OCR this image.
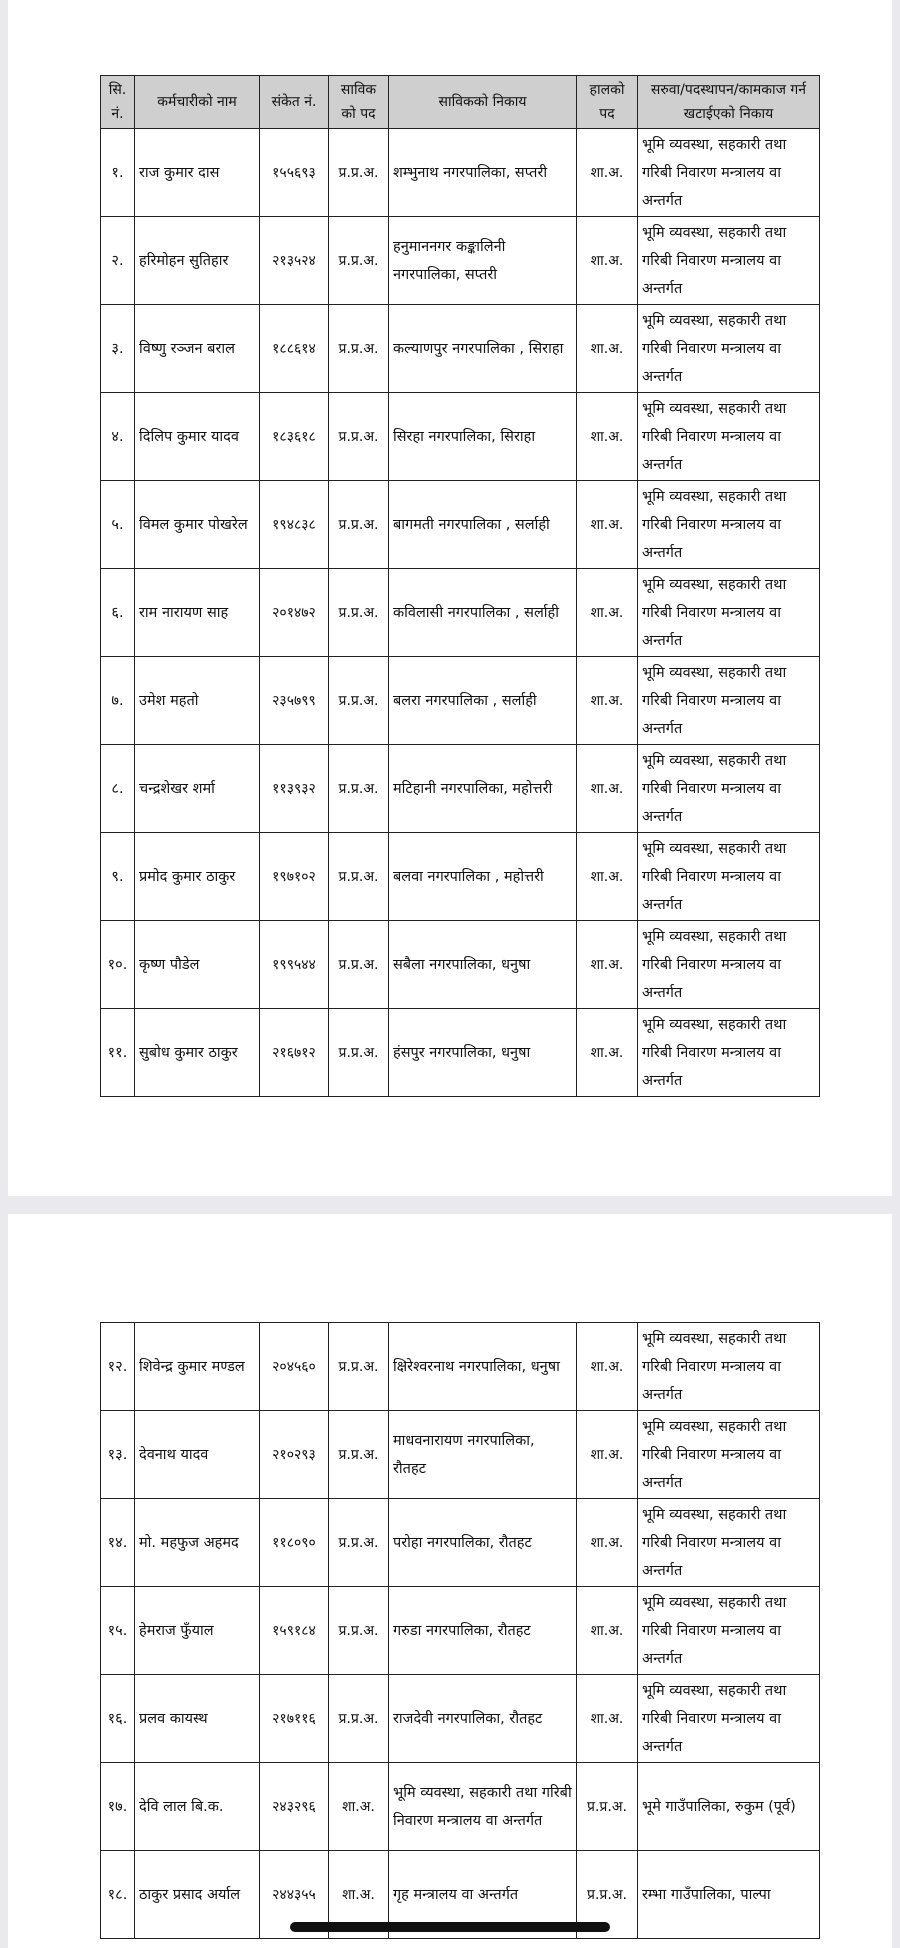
सि. नं.	कर्मचारीको नाम	संकेत नं.	साविक को पद	साविकको निकाय	हालको पद	सरुवा/पदस्थापन/कामकाज गर्न खटाईएको निकाय
१.	राज कुमार दास	१५५६९३	प्र.प्र.अ.	शम्भुनाथ नगरपालिका, सप्तरी	शा.अ.	भूमि व्यवस्था, सहकारी तथा गरिबी निवारण मन्त्रालय वा अन्तर्गत
२.	हरिमोहन सुतिहार	२१३५२४	प्र.प्र.अ.	हनुमाननगर कङ्कालिनी नगरपालिका, सप्तरी	शा.अ.	भूमि व्यवस्था, सहकारी तथा गरिबी निवारण मन्त्रालय वा अन्तर्गत
३.	विष्णु रञ्जन बराल	१८८६१४	प्र.प्र.अ.	कल्याणपुर नगरपालिका , सिराहा	शा.अ.	भूमि व्यवस्था, सहकारी तथा गरिबी निवारण मन्त्रालय वा अन्तर्गत
४.	दिलिप कुमार यादव	१८३६१८	प्र.प्र.अ.	सिरहा नगरपालिका, सिराहा	शा.अ.	भूमि व्यवस्था, सहकारी तथा गरिबी निवारण मन्त्रालय वा अन्तर्गत
५.	विमल कुमार पोखरेल	१९४८३८	प्र.प्र.अ.	बागमती नगरपालिका , सर्लाही	शा.अ.	भूमि व्यवस्था, सहकारी तथा गरिबी निवारण मन्त्रालय वा अन्तर्गत
६.	राम नारायण साह	२०१४७२	प्र.प्र.अ.	कविलासी नगरपालिका , सर्लाही	शा.अ.	भूमि व्यवस्था, सहकारी तथा गरिबी निवारण मन्त्रालय वा अन्तर्गत
७.	उमेश महतो	२३५७९९	प्र.प्र.अ.	बलरा नगरपालिका , सर्लाही	शा.अ.	भूमि व्यवस्था, सहकारी तथा गरिबी निवारण मन्त्रालय वा अन्तर्गत
८.	चन्द्रशेखर शर्मा	११३९३२	प्र.प्र.अ.	मटिहानी नगरपालिका, महोत्तरी	शा.अ.	भूमि व्यवस्था, सहकारी तथा गरिबी निवारण मन्त्रालय वा अन्तर्गत
९.	प्रमोद कुमार ठाकुर	१९७१०२	प्र.प्र.अ.	बलवा नगरपालिका , महोत्तरी	शा.अ.	भूमि व्यवस्था, सहकारी तथा गरिबी निवारण मन्त्रालय वा अन्तर्गत
१०.	कृष्ण पौडेल	१९९५४४	प्र.प्र.अ.	सबैला नगरपालिका, धनुषा	शा.अ.	भूमि व्यवस्था, सहकारी तथा गरिबी निवारण मन्त्रालय वा अन्तर्गत
११.	सुबोध कुमार ठाकुर	२१६७१२	प्र.प्र.अ.	हंसपुर नगरपालिका, धनुषा	शा.अ.	भूमि व्यवस्था, सहकारी तथा गरिबी निवारण मन्त्रालय वा अन्तर्गत
१२.	शिवेन्द्र कुमार मण्डल	२०४५६०	प्र.प्र.अ.	क्षिरेश्वरनाथ नगरपालिका, धनुषा	शा.अ.	भूमि व्यवस्था, सहकारी तथा गरिबी निवारण मन्त्रालय वा अन्तर्गत
१३.	देवनाथ यादव	२१०२९३	प्र.प्र.अ.	माधवनारायण नगरपालिका, रौतहट	शा.अ.	भूमि व्यवस्था, सहकारी तथा गरिबी निवारण मन्त्रालय वा अन्तर्गत
१४.	मो. महफुज अहमद	११८०९०	प्र.प्र.अ.	परोहा नगरपालिका, रौतहट	शा.अ.	भूमि व्यवस्था, सहकारी तथा गरिबी निवारण मन्त्रालय वा अन्तर्गत
१५.	हेमराज फुँयाल	१५९१८४	प्र.प्र.अ.	गरुडा नगरपालिका, रौतहट	शा.अ.	भूमि व्यवस्था, सहकारी तथा गरिबी निवारण मन्त्रालय वा अन्तर्गत
१६.	प्रलव कायस्थ	२१७११६	प्र.प्र.अ.	राजदेवी नगरपालिका, रौतहट	शा.अ.	भूमि व्यवस्था, सहकारी तथा गरिबी निवारण मन्त्रालय वा अन्तर्गत
१७.	देवि लाल बि.क.	२४३२९६	शा.अ.	भूमि व्यवस्था, सहकारी तथा गरिबी निवारण मन्त्रालय वा अन्तर्गत	प्र.प्र.अ.	भूमे गाउँपालिका, रुकुम (पूर्व)
१८.	ठाकुर प्रसाद अर्याल	२४४३५५	शा.अ.	गृह मन्त्रालय वा अन्तर्गत	प्र.प्र.अ.	रम्भा गाउँपालिका, पाल्पा
